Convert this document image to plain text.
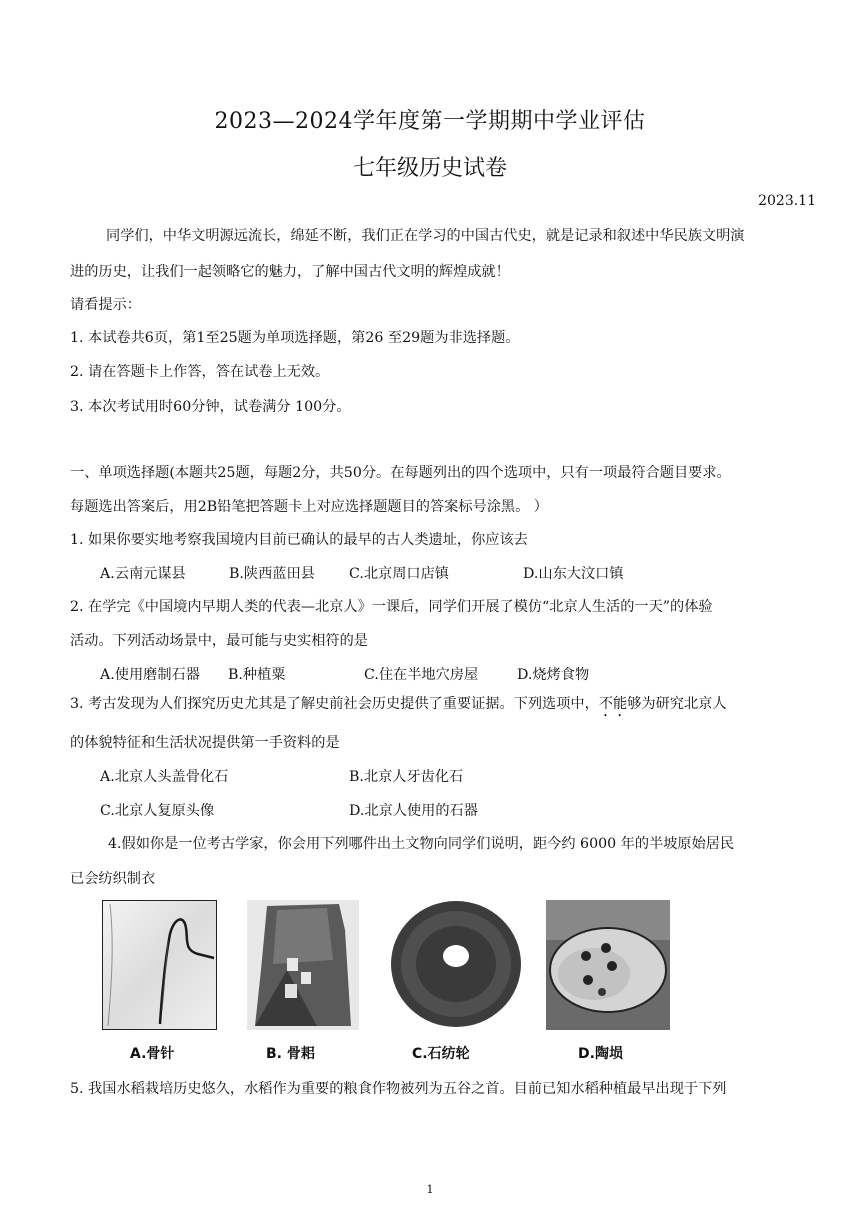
2023—2024学年度第一学期期中学业评估
七年级历史试卷
2023.11
同学们，中华文明源远流长，绵延不断，我们正在学习的中国古代史，就是记录和叙述中华民族文明演
进的历史，让我们一起领略它的魅力，了解中国古代文明的辉煌成就！
请看提示：
1. 本试卷共6页，第1至25题为单项选择题，第26 至29题为非选择题。
2. 请在答题卡上作答，答在试卷上无效。
3. 本次考试用时60分钟，试卷满分 100分。
一、单项选择题(本题共25题，每题2分，共50分。在每题列出的四个选项中，只有一项最符合题目要求。
每题选出答案后，用2B铅笔把答题卡上对应选择题题目的答案标号涂黑。 ）
1. 如果你要实地考察我国境内目前已确认的最早的古人类遗址，你应该去
A.云南元谋县	B.陕西蓝田县 C.北京周口店镇	D.山东大汶口镇
2. 在学完《中国境内早期人类的代表—北京人》一课后，同学们开展了模仿“北京人生活的一天”的体验
活动。下列活动场景中，最可能与史实相符的是
A.使用磨制石器 B.种植粟	C.住在半地穴房屋	D.烧烤食物
3. 考古发现为人们探究历史尤其是了解史前社会历史提供了重要证据。下列选项中，不能够为研究北京人
的体貌特征和生活状况提供第一手资料的是
A.北京人头盖骨化石	B.北京人牙齿化石
C.北京人复原头像	D.北京人使用的石器
4.假如你是一位考古学家，你会用下列哪件出土文物向同学们说明，距今约 6000 年的半坡原始居民
已会纺织制衣
A.骨针	B. 骨耜	C.石纺轮	D.陶埙
5. 我国水稻栽培历史悠久，水稻作为重要的粮食作物被列为五谷之首。目前已知水稻种植最早出现于下列
1
